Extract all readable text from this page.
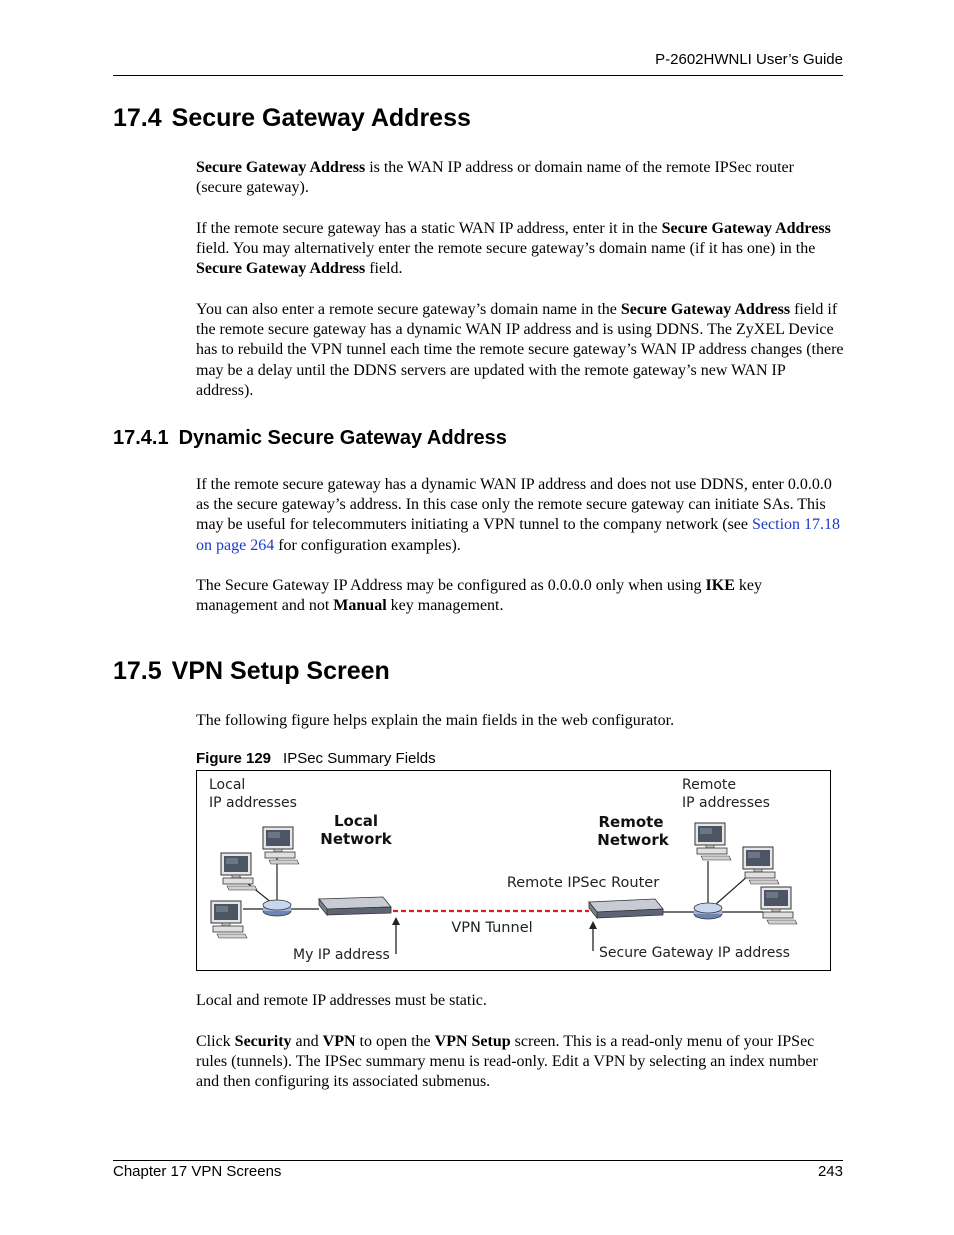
P-2602HWNLI User’s Guide
17.4 Secure Gateway Address

Secure Gateway Address is the WAN IP address or domain name of the remote IPSec router (secure gateway).

If the remote secure gateway has a static WAN IP address, enter it in the Secure Gateway Address field. You may alternatively enter the remote secure gateway’s domain name (if it has one) in the Secure Gateway Address field.

You can also enter a remote secure gateway’s domain name in the Secure Gateway Address field if the remote secure gateway has a dynamic WAN IP address and is using DDNS. The ZyXEL Device has to rebuild the VPN tunnel each time the remote secure gateway’s WAN IP address changes (there may be a delay until the DDNS servers are updated with the remote gateway’s new WAN IP address).

17.4.1 Dynamic Secure Gateway Address

If the remote secure gateway has a dynamic WAN IP address and does not use DDNS, enter 0.0.0.0 as the secure gateway’s address. In this case only the remote secure gateway can initiate SAs. This may be useful for telecommuters initiating a VPN tunnel to the company network (see Section 17.18 on page 264 for configuration examples).

The Secure Gateway IP Address may be configured as 0.0.0.0 only when using IKE key management and not Manual key management.

17.5 VPN Setup Screen

The following figure helps explain the main fields in the web configurator.

Figure 129 IPSec Summary Fields
Local
IP addresses
Local
Network
Remote
IP addresses
Remote
Network
Remote IPSec Router
VPN Tunnel
My IP address	Secure Gateway IP address

Local and remote IP addresses must be static.

Click Security and VPN to open the VPN Setup screen. This is a read-only menu of your IPSec rules (tunnels). The IPSec summary menu is read-only. Edit a VPN by selecting an index number and then configuring its associated submenus.

Chapter 17 VPN Screens	243
